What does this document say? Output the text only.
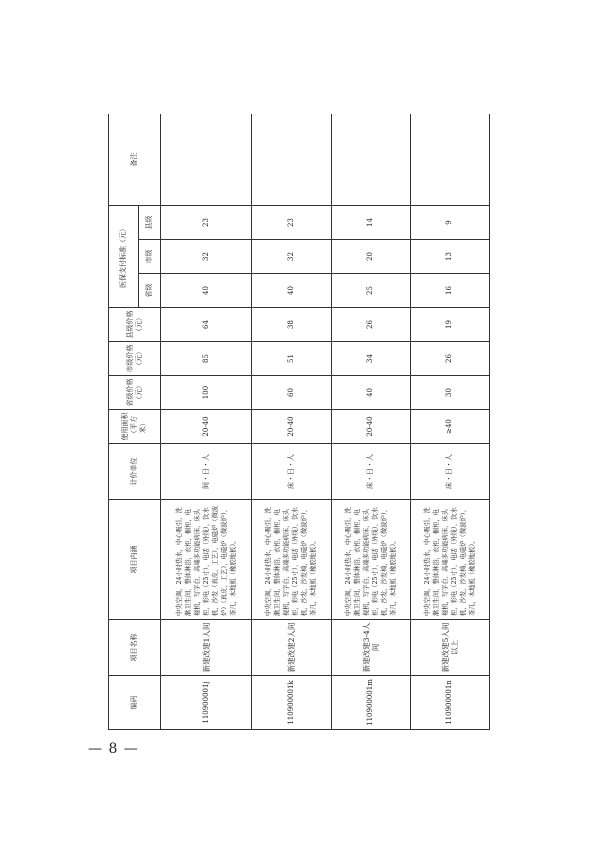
编码	项目名称	项目内涵	计价单位	使用面积（平方米）	省级价格（元）	市级价格（元）	县级价格（元）	医保支付标准（元）			备注
								省级	市级	县级	
110900001j	新建改建1人间	中央空调，24小时热水，中心吸引，洗漱卫生间，整体淋浴，衣柜，橱柜，电视机，写字台，高端多功能病床，床头柜，彩电（25寸），电话（外线），饮水机，沙发（真皮，工艺），电磁炉（微波炉）（真皮，工艺），电磁炉（微波炉），茶几，木地板（橡胶地板）。	间・日・人	20-40	100	85	64	40	32	23	
110900001k	新建改建2人间	中央空调，24小时热水，中心吸引，洗漱卫生间，整体淋浴，衣柜，橱柜，电视机，写字台，高端多功能病床，床头柜，彩电（25寸），电话（外线），饮水机，沙发，沙发椅，电磁炉（微波炉），茶几，木地板（橡胶地板）。	床・日・人	20-40	60	51	38	40	32	23	
110900001m	新建改建3-4人间	中央空调，24小时热水，中心吸引，洗漱卫生间，整体淋浴，衣柜，橱柜，电视机，写字台，高端多功能病床，床头柜，彩电（25寸），电话（外线），饮水机，沙发，沙发椅，电磁炉（微波炉），茶几，木地板（橡胶地板）。	床・日・人	20-40	40	34	26	25	20	14	
110900001n	新建改建5人间以上	中央空调，24小时热水，中心吸引，洗漱卫生间，整体淋浴，衣柜，橱柜，电视机，写字台，高端多功能病床，床头柜，彩电（25寸），电话（外线），饮水机，沙发，沙发椅，电磁炉（微波炉），茶几，木地板（橡胶地板）。	床・日・人	≥40	30	26	19	16	13	9	
— 8 —
